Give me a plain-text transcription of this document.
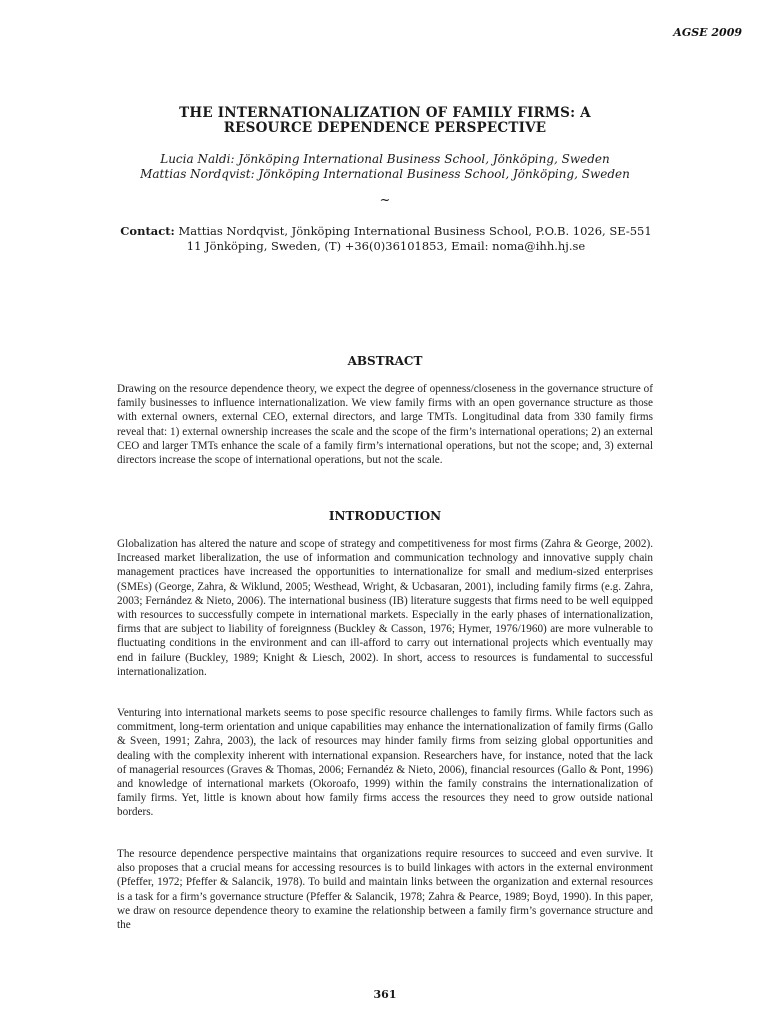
AGSE 2009
THE INTERNATIONALIZATION OF FAMILY FIRMS: A
RESOURCE DEPENDENCE PERSPECTIVE
Lucia Naldi: Jönköping International Business School, Jönköping, Sweden
Mattias Nordqvist: Jönköping International Business School, Jönköping, Sweden
~
Contact: Mattias Nordqvist, Jönköping International Business School, P.O.B. 1026, SE-551
11 Jönköping, Sweden, (T) +36(0)36101853, Email: noma@ihh.hj.se
ABSTRACT

Drawing on the resource dependence theory, we expect the degree of openness/closeness in the governance structure of family businesses to influence internationalization. We view family firms with an open governance structure as those with external owners, external CEO, external directors, and large TMTs. Longitudinal data from 330 family firms reveal that: 1) external ownership increases the scale and the scope of the firm’s international operations; 2) an external CEO and larger TMTs enhance the scale of a family firm’s international operations, but not the scope; and, 3) external directors increase the scope of international operations, but not the scale.

INTRODUCTION

Globalization has altered the nature and scope of strategy and competitiveness for most firms (Zahra & George, 2002). Increased market liberalization, the use of information and communication technology and innovative supply chain management practices have increased the opportunities to internationalize for small and medium-sized enterprises (SMEs) (George, Zahra, & Wiklund, 2005; Westhead, Wright, & Ucbasaran, 2001), including family firms (e.g. Zahra, 2003; Fernández & Nieto, 2006). The international business (IB) literature suggests that firms need to be well equipped with resources to successfully compete in international markets. Especially in the early phases of internationalization, firms that are subject to liability of foreignness (Buckley & Casson, 1976; Hymer, 1976/1960) are more vulnerable to fluctuating conditions in the environment and can ill-afford to carry out international projects which eventually may end in failure (Buckley, 1989; Knight & Liesch, 2002). In short, access to resources is fundamental to successful internationalization.

Venturing into international markets seems to pose specific resource challenges to family firms. While factors such as commitment, long-term orientation and unique capabilities may enhance the internationalization of family firms (Gallo & Sveen, 1991; Zahra, 2003), the lack of resources may hinder family firms from seizing global opportunities and dealing with the complexity inherent with international expansion. Researchers have, for instance, noted that the lack of managerial resources (Graves & Thomas, 2006; Fernandéz & Nieto, 2006), financial resources (Gallo & Pont, 1996) and knowledge of international markets (Okoroafo, 1999) within the family constrains the internationalization of family firms. Yet, little is known about how family firms access the resources they need to grow outside national borders.

The resource dependence perspective maintains that organizations require resources to succeed and even survive. It also proposes that a crucial means for accessing resources is to build linkages with actors in the external environment (Pfeffer, 1972; Pfeffer & Salancik, 1978). To build and maintain links between the organization and external resources is a task for a firm’s governance structure (Pfeffer & Salancik, 1978; Zahra & Pearce, 1989; Boyd, 1990). In this paper, we draw on resource dependence theory to examine the relationship between a family firm’s governance structure and the

361
